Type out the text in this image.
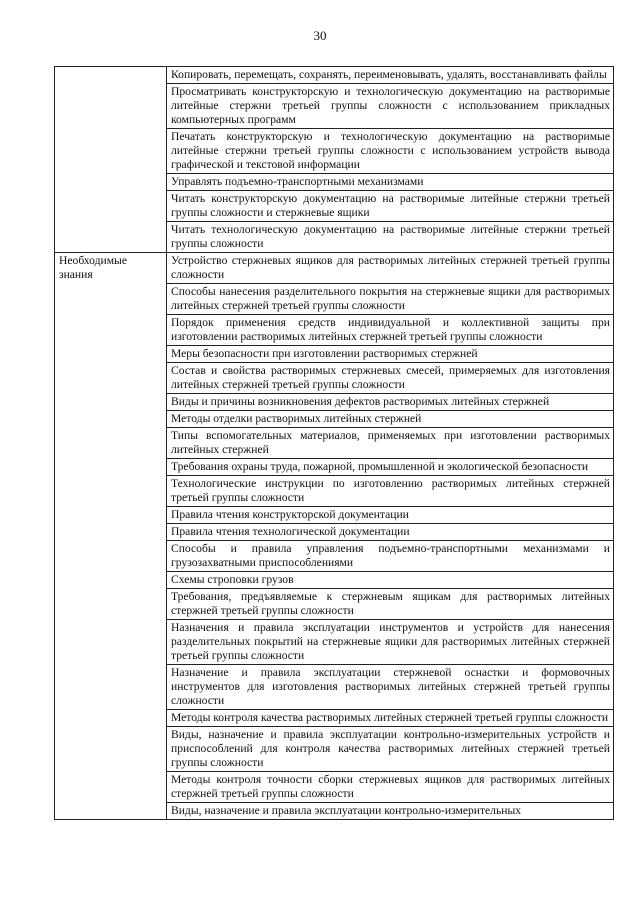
30

	Копировать, перемещать, сохранять, переименовывать, удалять, восстанавливать файлы

	Просматривать конструкторскую и технологическую документацию на растворимые литейные стержни третьей группы сложности с использованием прикладных компьютерных программ

	Печатать конструкторскую и технологическую документацию на растворимые литейные стержни третьей группы сложности с использованием устройств вывода графической и текстовой информации

	Управлять подъемно-транспортными механизмами

	Читать конструкторскую документацию на растворимые литейные стержни третьей группы сложности и стержневые ящики

	Читать технологическую документацию на растворимые литейные стержни третьей группы сложности

Необходимые знания	Устройство стержневых ящиков для растворимых литейных стержней третьей группы сложности

	Способы нанесения разделительного покрытия на стержневые ящики для растворимых литейных стержней третьей группы сложности

	Порядок применения средств индивидуальной и коллективной защиты при изготовлении растворимых литейных стержней третьей группы сложности

	Меры безопасности при изготовлении растворимых стержней

	Состав и свойства растворимых стержневых смесей, примеряемых для изготовления литейных стержней третьей группы сложности

	Виды и причины возникновения дефектов растворимых литейных стержней

	Методы отделки растворимых литейных стержней

	Типы вспомогательных материалов, применяемых при изготовлении растворимых литейных стержней

	Требования охраны труда, пожарной, промышленной и экологической безопасности

	Технологические инструкции по изготовлению растворимых литейных стержней третьей группы сложности

	Правила чтения конструкторской документации

	Правила чтения технологической документации

	Способы и правила управления подъемно-транспортными механизмами и грузозахватными приспособлениями

	Схемы строповки грузов

	Требования, предъявляемые к стержневым ящикам для растворимых литейных стержней третьей группы сложности

	Назначения и правила эксплуатации инструментов и устройств для нанесения разделительных покрытий на стержневые ящики для растворимых литейных стержней третьей группы сложности

	Назначение и правила эксплуатации стержневой оснастки и формовочных инструментов для изготовления растворимых литейных стержней третьей группы сложности

	Методы контроля качества растворимых литейных стержней третьей группы сложности

	Виды, назначение и правила эксплуатации контрольно-измерительных устройств и приспособлений для контроля качества растворимых литейных стержней третьей группы сложности

	Методы контроля точности сборки стержневых ящиков для растворимых литейных стержней третьей группы сложности

	Виды, назначение и правила эксплуатации контрольно-измерительных
